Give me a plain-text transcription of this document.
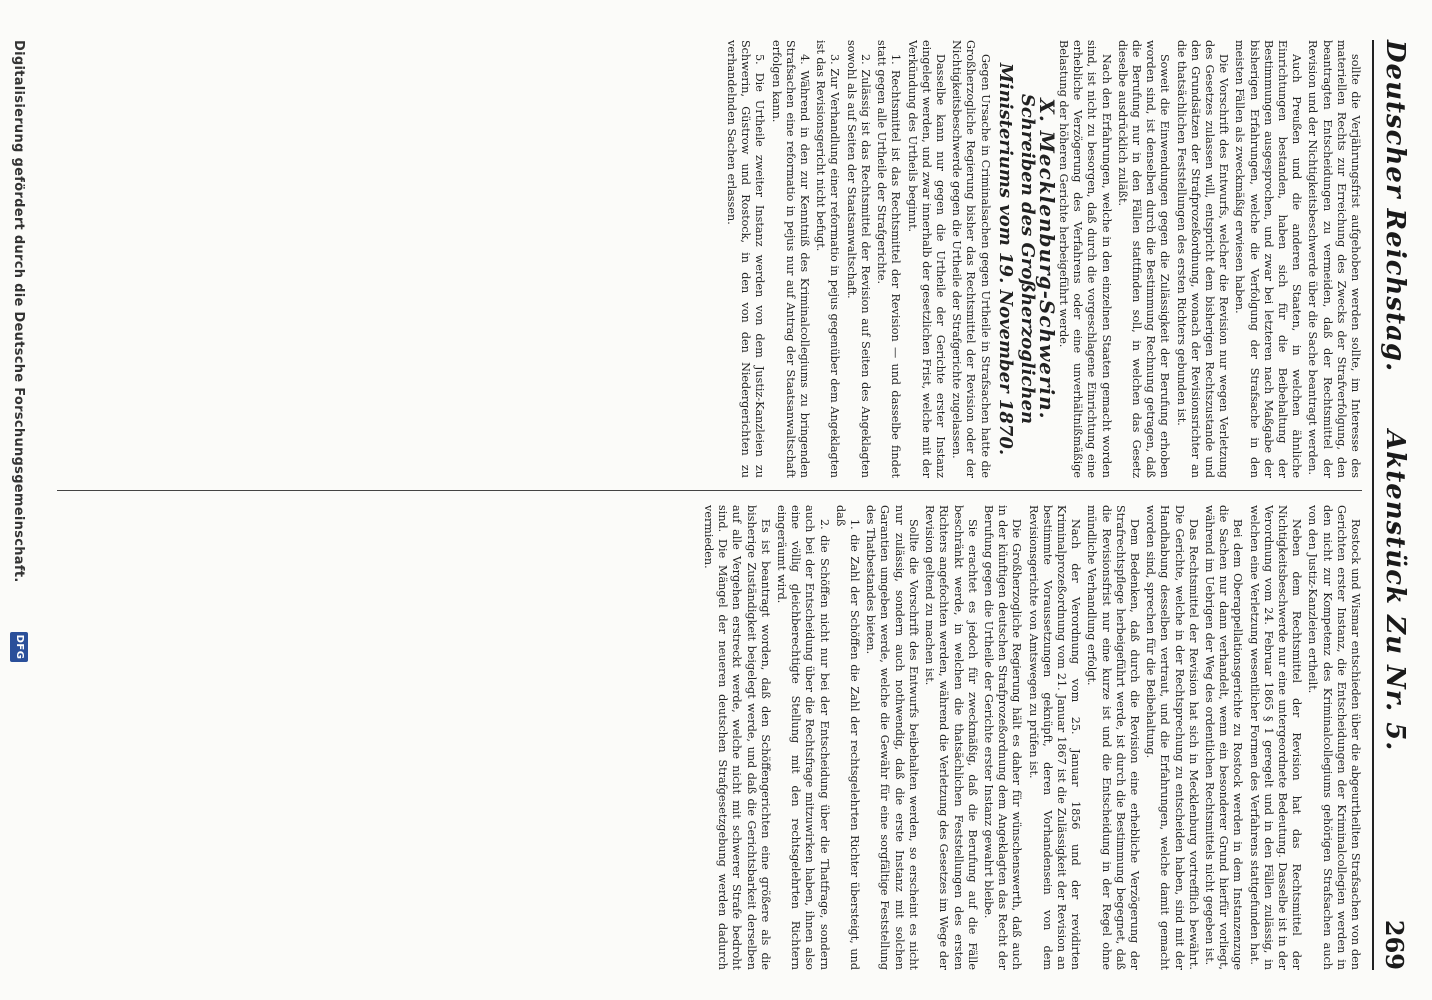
Deutscher Reichstag.
Aktenstück Zu Nr. 5.
269

sollte die Verjährungsfrist aufgehoben werden sollte, im Interesse des materiellen Rechts zur Erreichung des Zwecks der Strafverfolgung, den beantragten Entscheidungen zu vermeiden, daß der Rechtsmittel der Revision und der Nichtigkeitsbeschwerde über die Sache beantragt werden.

Auch Preußen und die anderen Staaten, in welchen ähnliche Einrichtungen bestanden, haben sich für die Beibehaltung der Bestimmungen ausgesprochen, und zwar bei letzteren nach Maßgabe der bisherigen Erfahrungen, welche die Verfolgung der Strafsache in den meisten Fällen als zweckmäßig erwiesen haben.

Die Vorschrift des Entwurfs, welcher die Revision nur wegen Verletzung des Gesetzes zulassen will, entspricht dem bisherigen Rechtszustande und den Grundsätzen der Strafprozeßordnung, wonach der Revisionsrichter an die thatsächlichen Feststellungen des ersten Richters gebunden ist.

Soweit die Einwendungen gegen die Zulässigkeit der Berufung erhoben worden sind, ist denselben durch die Bestimmung Rechnung getragen, daß die Berufung nur in den Fällen stattfinden soll, in welchen das Gesetz dieselbe ausdrücklich zuläßt.

Nach den Erfahrungen, welche in den einzelnen Staaten gemacht worden sind, ist nicht zu besorgen, daß durch die vorgeschlagene Einrichtung eine erhebliche Verzögerung des Verfahrens oder eine unverhältnißmäßige Belastung der höheren Gerichte herbeigeführt werde.

X. Mecklenburg-Schwerin.

Schreiben des Großherzoglichen Ministeriums vom 19. November 1870.

Gegen Ursache in Criminalsachen gegen Urtheile in Strafsachen hatte die Großherzogliche Regierung bisher das Rechtsmittel der Revision oder der Nichtigkeitsbeschwerde gegen die Urtheile der Strafgerichte zugelassen.

Dasselbe kann nur gegen die Urtheile der Gerichte erster Instanz eingelegt werden, und zwar innerhalb der gesetzlichen Frist, welche mit der Verkündung des Urtheils beginnt.

1. Rechtsmittel ist das Rechtsmittel der Revision — und dasselbe findet statt gegen alle Urtheile der Strafgerichte.

2. Zulässig ist das Rechtsmittel der Revision auf Seiten des Angeklagten sowohl als auf Seiten der Staatsanwaltschaft.

3. Zur Verhandlung einer reformatio in pejus gegenüber dem Angeklagten ist das Revisionsgericht nicht befugt.

4. Während in den zur Kenntniß des Kriminalcollegiums zu bringenden Strafsachen eine reformatio in pejus nur auf Antrag der Staatsanwaltschaft erfolgen kann.

5. Die Urtheile zweiter Instanz werden von dem Justiz-Kanzleien zu Schwerin, Güstrow und Rostock, in den von den Niedergerichten zu verhandelnden Sachen erlassen.

Rostock und Wismar entschieden über die abgeurtheilten Strafsachen von den Gerichten erster Instanz, die Entscheidungen der Kriminalcollegien werden in den nicht zur Kompetenz des Kriminalcollegiums gehörigen Strafsachen auch von den Justiz-Kanzleien ertheilt.

Neben dem Rechtsmittel der Revision hat das Rechtsmittel der Nichtigkeitsbeschwerde nur eine untergeordnete Bedeutung. Dasselbe ist in der Verordnung vom 24. Februar 1865 § 1 geregelt und in den Fällen zulässig, in welchen eine Verletzung wesentlicher Formen des Verfahrens stattgefunden hat.

Bei dem Oberappellationsgerichte zu Rostock werden in dem Instanzenzuge die Sachen nur dann verhandelt, wenn ein besonderer Grund hierfür vorliegt, während im Uebrigen der Weg des ordentlichen Rechtsmittels nicht gegeben ist.

Das Rechtsmittel der Revision hat sich in Mecklenburg vortrefflich bewährt. Die Gerichte, welche in der Rechtsprechung zu entscheiden haben, sind mit der Handhabung desselben vertraut, und die Erfahrungen, welche damit gemacht worden sind, sprechen für die Beibehaltung.

Dem Bedenken, daß durch die Revision eine erhebliche Verzögerung der Strafrechtspflege herbeigeführt werde, ist durch die Bestimmung begegnet, daß die Revisionsfrist nur eine kurze ist und die Entscheidung in der Regel ohne mündliche Verhandlung erfolgt.

Nach der Verordnung vom 25. Januar 1856 und der revidirten Kriminalprozeßordnung vom 21. Januar 1867 ist die Zulässigkeit der Revision an bestimmte Voraussetzungen geknüpft, deren Vorhandensein von dem Revisionsgerichte von Amtswegen zu prüfen ist.

Die Großherzogliche Regierung hält es daher für wünschenswerth, daß auch in der künftigen deutschen Strafprozeßordnung dem Angeklagten das Recht der Berufung gegen die Urtheile der Gerichte erster Instanz gewahrt bleibe.

Sie erachtet es jedoch für zweckmäßig, daß die Berufung auf die Fälle beschränkt werde, in welchen die thatsächlichen Feststellungen des ersten Richters angefochten werden, während die Verletzung des Gesetzes im Wege der Revision geltend zu machen ist.

Sollte die Vorschrift des Entwurfs beibehalten werden, so erscheint es nicht nur zulässig, sondern auch nothwendig, daß die erste Instanz mit solchen Garantien umgeben werde, welche die Gewähr für eine sorgfältige Feststellung des Thatbestandes bieten.

1. die Zahl der Schöffen die Zahl der rechtsgelehrten Richter übersteigt, und daß

2. die Schöffen nicht nur bei der Entscheidung über die Thatfrage, sondern auch bei der Entscheidung über die Rechtsfrage mitzuwirken haben, ihnen also eine völlig gleichberechtigte Stellung mit den rechtsgelehrten Richtern eingeräumt wird.

Es ist beantragt worden, daß den Schöffengerichten eine größere als die bisherige Zuständigkeit beigelegt werde, und daß die Gerichtsbarkeit derselben auf alle Vergehen erstreckt werde, welche nicht mit schwerer Strafe bedroht sind. Die Mängel der neueren deutschen Strafgesetzgebung werden dadurch vermieden.

Digitalisierung gefördert durch die Deutsche Forschungsgemeinschaft.
DFG
